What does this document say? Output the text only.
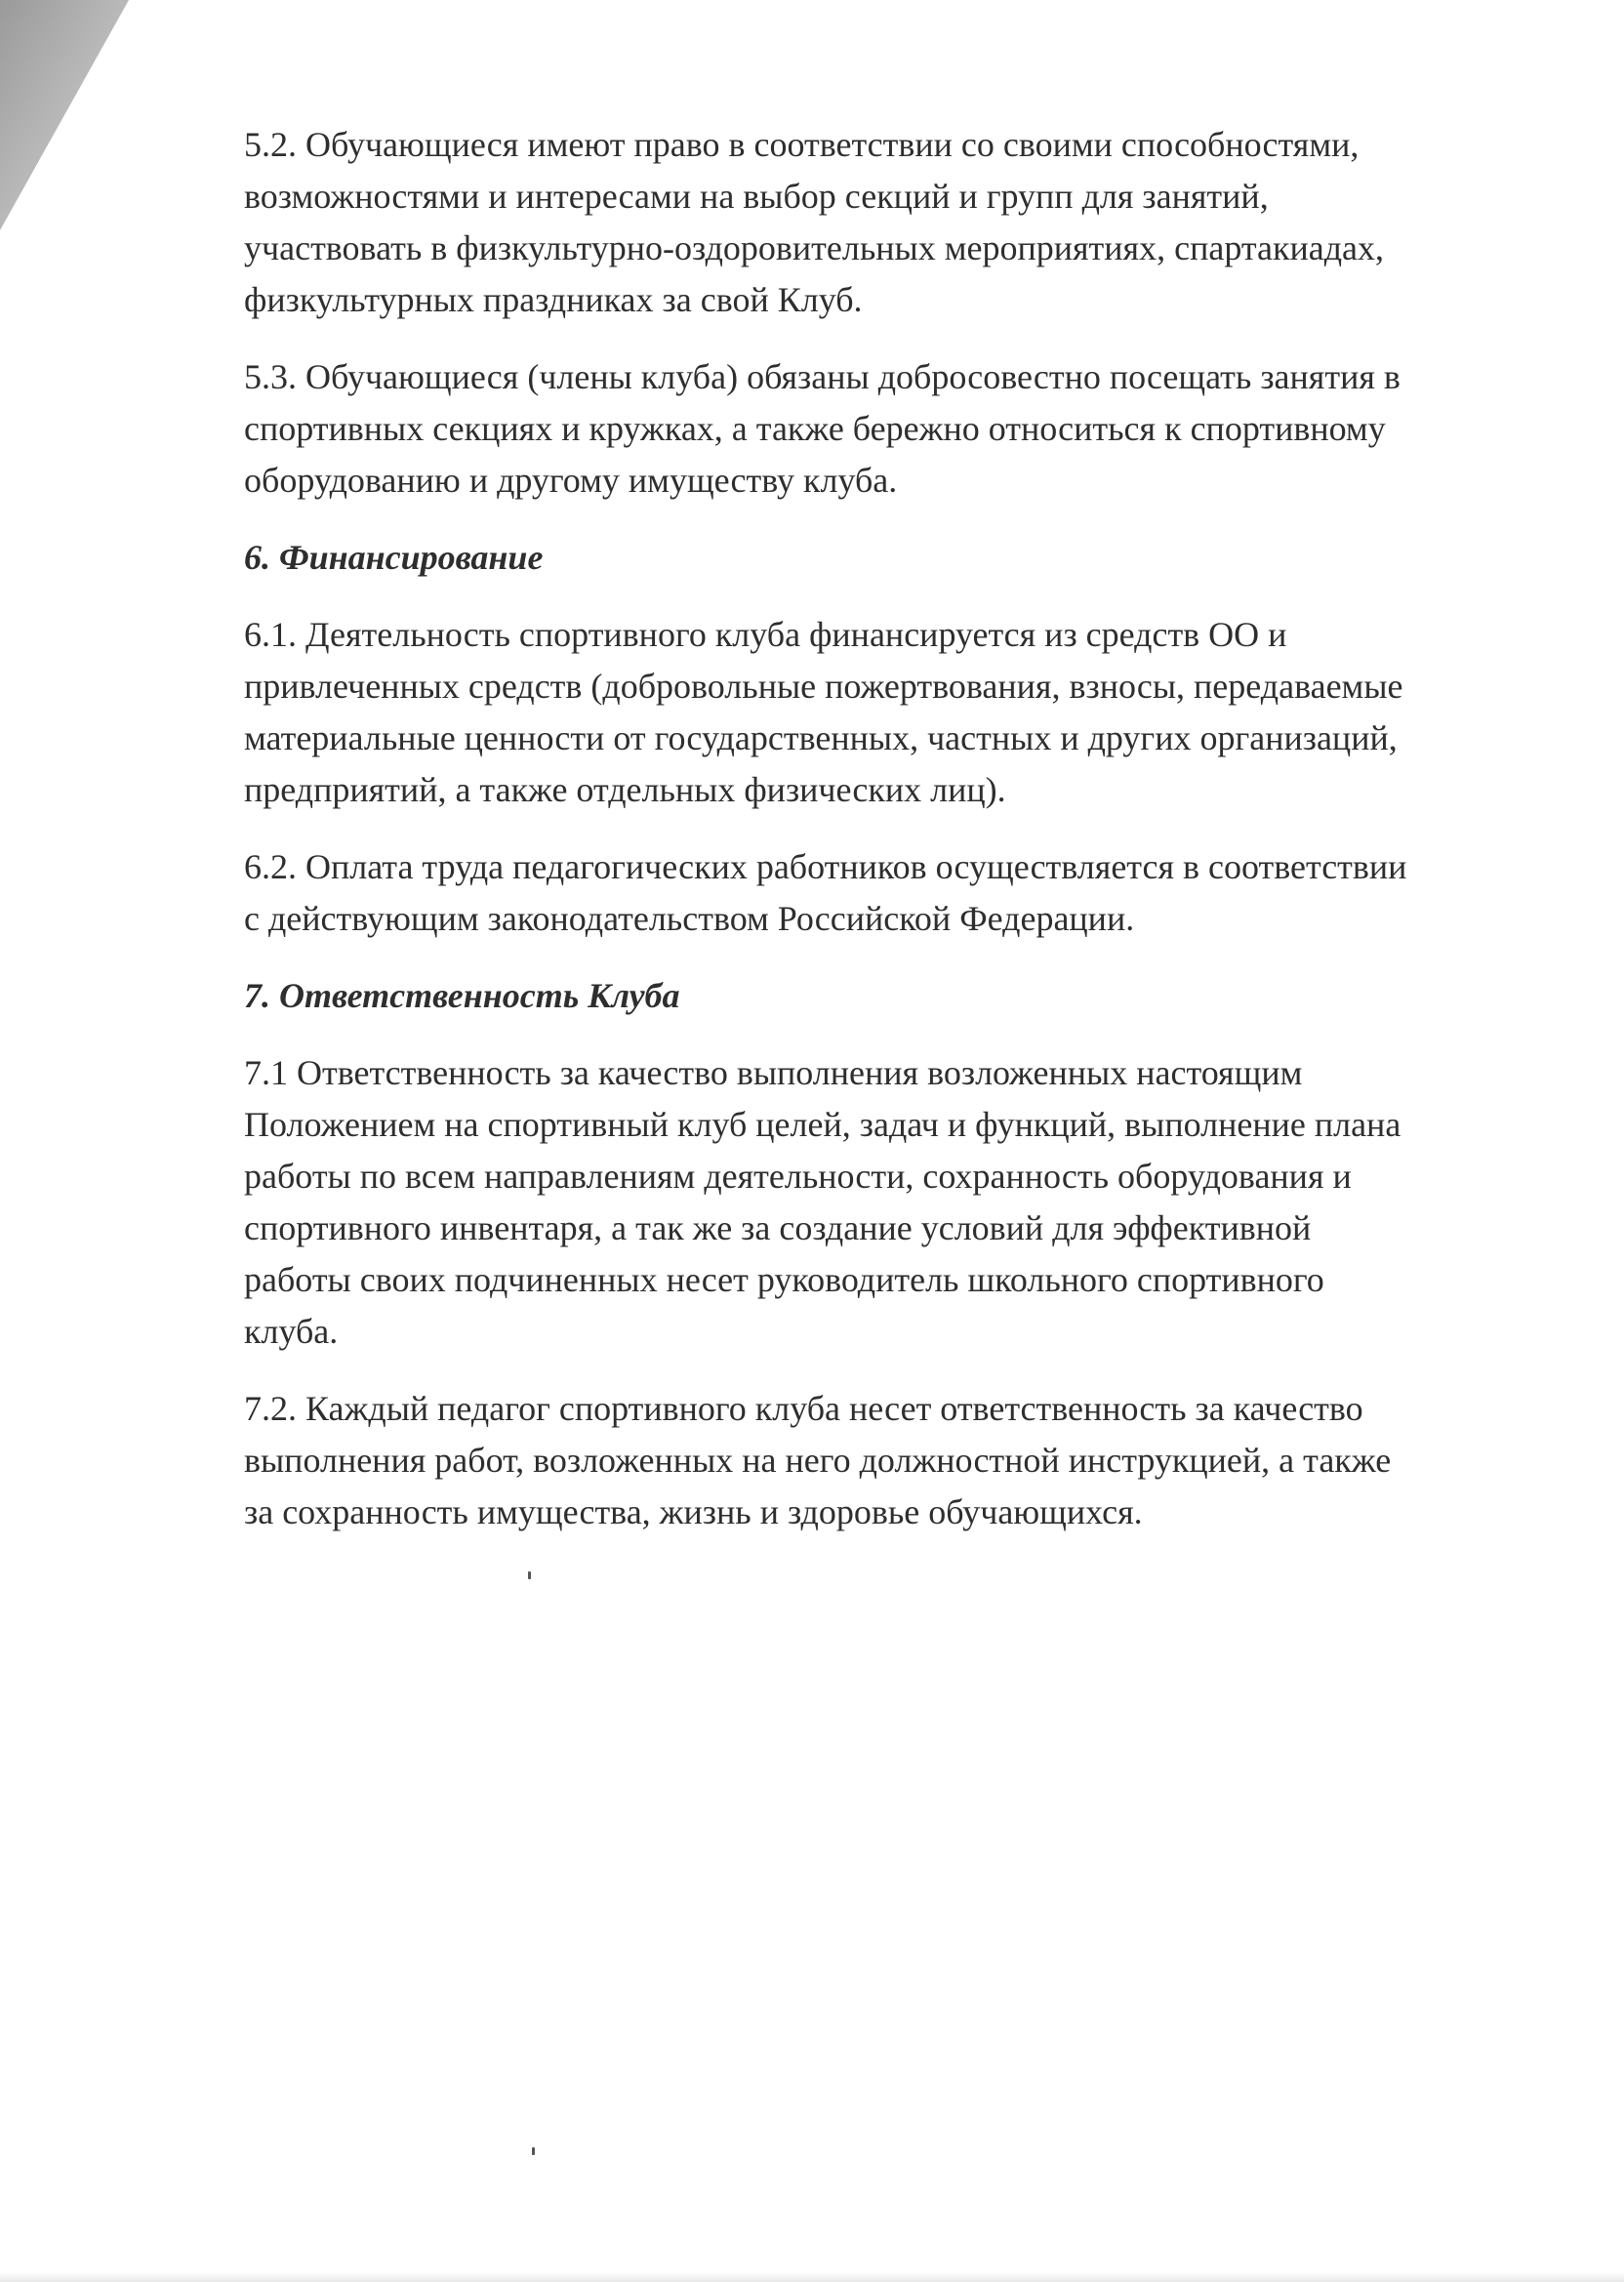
5.2. Обучающиеся имеют право в соответствии со своими способностями,
возможностями и интересами на выбор секций и групп для занятий,
участвовать в физкультурно-оздоровительных мероприятиях, спартакиадах,
физкультурных праздниках за свой Клуб.

5.3. Обучающиеся (члены клуба) обязаны добросовестно посещать занятия в
спортивных секциях и кружках, а также бережно относиться к спортивному
оборудованию и другому имуществу клуба.

6. Финансирование

6.1. Деятельность спортивного клуба финансируется из средств ОО и
привлеченных средств (добровольные пожертвования, взносы, передаваемые
материальные ценности от государственных, частных и других организаций,
предприятий, а также отдельных физических лиц).

6.2. Оплата труда педагогических работников осуществляется в соответствии
с действующим законодательством Российской Федерации.

7. Ответственность Клуба

7.1 Ответственность за качество выполнения возложенных настоящим
Положением на спортивный клуб целей, задач и функций, выполнение плана
работы по всем направлениям деятельности, сохранность оборудования и
спортивного инвентаря, а так же за создание условий для эффективной
работы своих подчиненных несет руководитель школьного спортивного
клуба.

7.2. Каждый педагог спортивного клуба несет ответственность за качество
выполнения работ, возложенных на него должностной инструкцией, а также
за сохранность имущества, жизнь и здоровье обучающихся.
